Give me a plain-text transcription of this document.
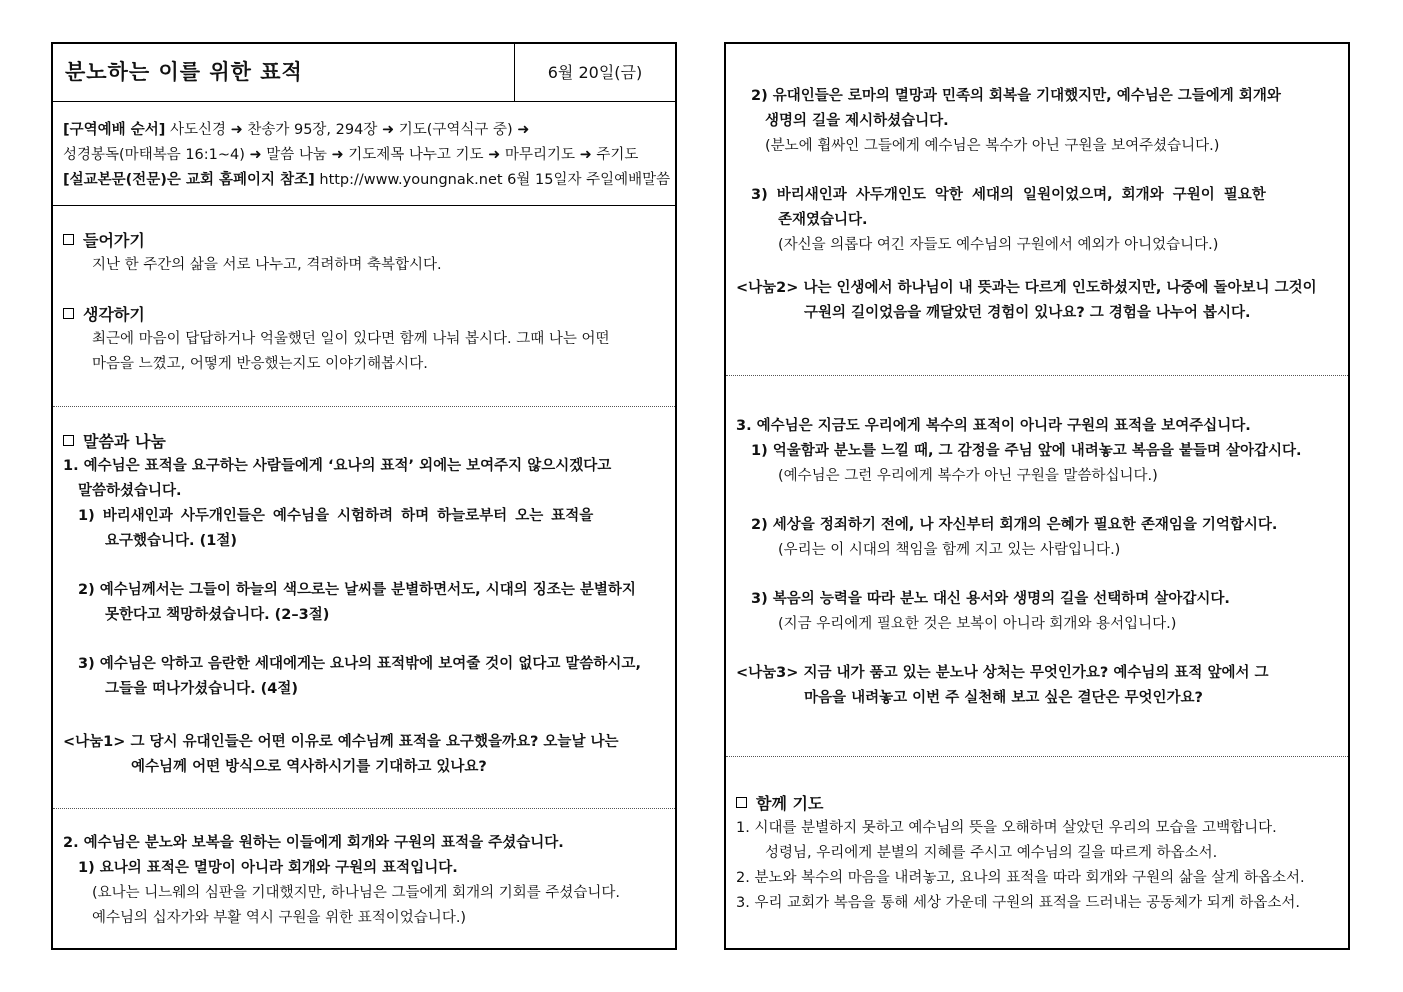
분노하는 이를 위한 표적	6월 20일(금)

[구역예배 순서] 사도신경 ➜ 찬송가 95장, 294장 ➜ 기도(구역식구 중) ➜

성경봉독(마태복음 16:1~4) ➜ 말씀 나눔 ➜ 기도제목 나누고 기도 ➜ 마무리기도 ➜ 주기도

[설교본문(전문)은 교회 홈페이지 참조] http://www.youngnak.net 6월 15일자 주일예배말씀

들어가기

지난 한 주간의 삶을 서로 나누고, 격려하며 축복합시다.

생각하기

최근에 마음이 답답하거나 억울했던 일이 있다면 함께 나눠 봅시다. 그때 나는 어떤

마음을 느꼈고, 어떻게 반응했는지도 이야기해봅시다.

말씀과 나눔

1. 예수님은 표적을 요구하는 사람들에게 ‘요나의 표적’ 외에는 보여주지 않으시겠다고

말씀하셨습니다.

1) 바리새인과 사두개인들은 예수님을 시험하려 하며 하늘로부터 오는 표적을

요구했습니다. (1절)

2) 예수님께서는 그들이 하늘의 색으로는 날씨를 분별하면서도, 시대의 징조는 분별하지

못한다고 책망하셨습니다. (2–3절)

3) 예수님은 악하고 음란한 세대에게는 요나의 표적밖에 보여줄 것이 없다고 말씀하시고,

그들을 떠나가셨습니다. (4절)

<나눔1> 그 당시 유대인들은 어떤 이유로 예수님께 표적을 요구했을까요? 오늘날 나는

예수님께 어떤 방식으로 역사하시기를 기대하고 있나요?

2. 예수님은 분노와 보복을 원하는 이들에게 회개와 구원의 표적을 주셨습니다.

1) 요나의 표적은 멸망이 아니라 회개와 구원의 표적입니다.

(요나는 니느웨의 심판을 기대했지만, 하나님은 그들에게 회개의 기회를 주셨습니다.

예수님의 십자가와 부활 역시 구원을 위한 표적이었습니다.)

2) 유대인들은 로마의 멸망과 민족의 회복을 기대했지만, 예수님은 그들에게 회개와

생명의 길을 제시하셨습니다.

(분노에 휩싸인 그들에게 예수님은 복수가 아닌 구원을 보여주셨습니다.)

3) 바리새인과 사두개인도 악한 세대의 일원이었으며, 회개와 구원이 필요한

존재였습니다.

(자신을 의롭다 여긴 자들도 예수님의 구원에서 예외가 아니었습니다.)

<나눔2> 나는 인생에서 하나님이 내 뜻과는 다르게 인도하셨지만, 나중에 돌아보니 그것이

구원의 길이었음을 깨달았던 경험이 있나요? 그 경험을 나누어 봅시다.

3. 예수님은 지금도 우리에게 복수의 표적이 아니라 구원의 표적을 보여주십니다.

1) 억울함과 분노를 느낄 때, 그 감정을 주님 앞에 내려놓고 복음을 붙들며 살아갑시다.

(예수님은 그런 우리에게 복수가 아닌 구원을 말씀하십니다.)

2) 세상을 정죄하기 전에, 나 자신부터 회개의 은혜가 필요한 존재임을 기억합시다.

(우리는 이 시대의 책임을 함께 지고 있는 사람입니다.)

3) 복음의 능력을 따라 분노 대신 용서와 생명의 길을 선택하며 살아갑시다.

(지금 우리에게 필요한 것은 보복이 아니라 회개와 용서입니다.)

<나눔3> 지금 내가 품고 있는 분노나 상처는 무엇인가요? 예수님의 표적 앞에서 그

마음을 내려놓고 이번 주 실천해 보고 싶은 결단은 무엇인가요?

함께 기도

1. 시대를 분별하지 못하고 예수님의 뜻을 오해하며 살았던 우리의 모습을 고백합니다.

성령님, 우리에게 분별의 지혜를 주시고 예수님의 길을 따르게 하옵소서.

2. 분노와 복수의 마음을 내려놓고, 요나의 표적을 따라 회개와 구원의 삶을 살게 하옵소서.

3. 우리 교회가 복음을 통해 세상 가운데 구원의 표적을 드러내는 공동체가 되게 하옵소서.
